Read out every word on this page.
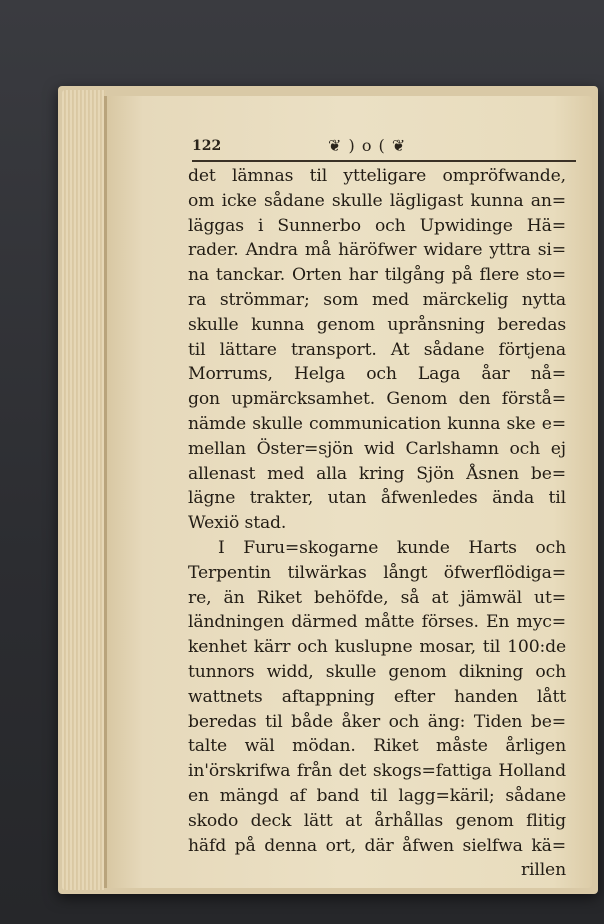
122	❦ ) o ( ❦
det lämnas til ytteligare ompröfwande,
om icke sådane skulle lägligast kunna an=
läggas i Sunnerbo och Upwidinge Hä=
rader. Andra må häröfwer widare yttra si=
na tanckar. Orten har tilgång på flere sto=
ra strömmar; som med märckelig nytta
skulle kunna genom uprånsning beredas
til lättare transport. At sådane förtjena
Morrums, Helga och Laga åar nå=
gon upmärcksamhet. Genom den förstå=
nämde skulle communication kunna ske e=
mellan Öster=sjön wid Carlshamn och ej
allenast med alla kring Sjön Åsnen be=
lägne trakter, utan åfwenledes ända til
Wexiö stad.
I Furu=skogarne kunde Harts och
Terpentin tilwärkas långt öfwerflödiga=
re, än Riket behöfde, så at jämwäl ut=
ländningen därmed måtte förses. En myc=
kenhet kärr och kuslupne mosar, til 100:de
tunnors widd, skulle genom dikning och
wattnets aftappning efter handen lått
beredas til både åker och äng: Tiden be=
talte wäl mödan. Riket måste årligen
in'örskrifwa från det skogs=fattiga Holland
en mängd af band til lagg=käril; sådane
skodo deck lätt at århållas genom flitig
häfd på denna ort, där åfwen sielfwa kä=
rillen
